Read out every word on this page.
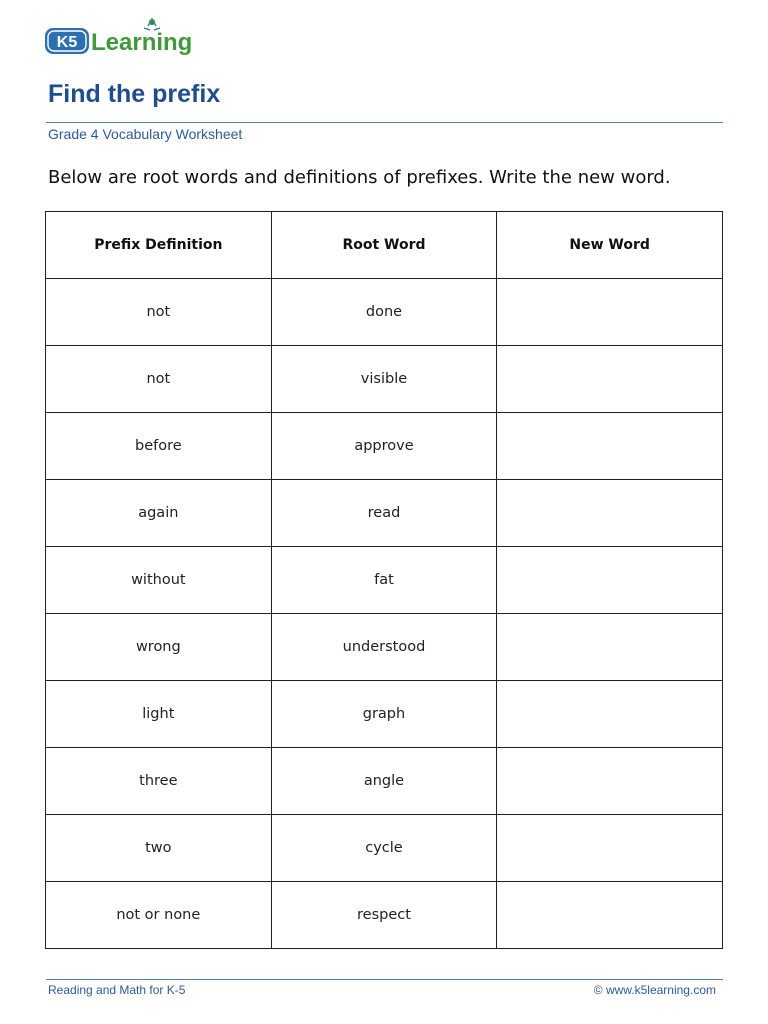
K5 Learning
Find the prefix
Grade 4 Vocabulary Worksheet
Below are root words and definitions of prefixes. Write the new word.
Prefix Definition	Root Word	New Word
not	done	
not	visible	
before	approve	
again	read	
without	fat	
wrong	understood	
light	graph	
three	angle	
two	cycle	
not or none	respect	
Reading and Math for K-5	© www.k5learning.com
